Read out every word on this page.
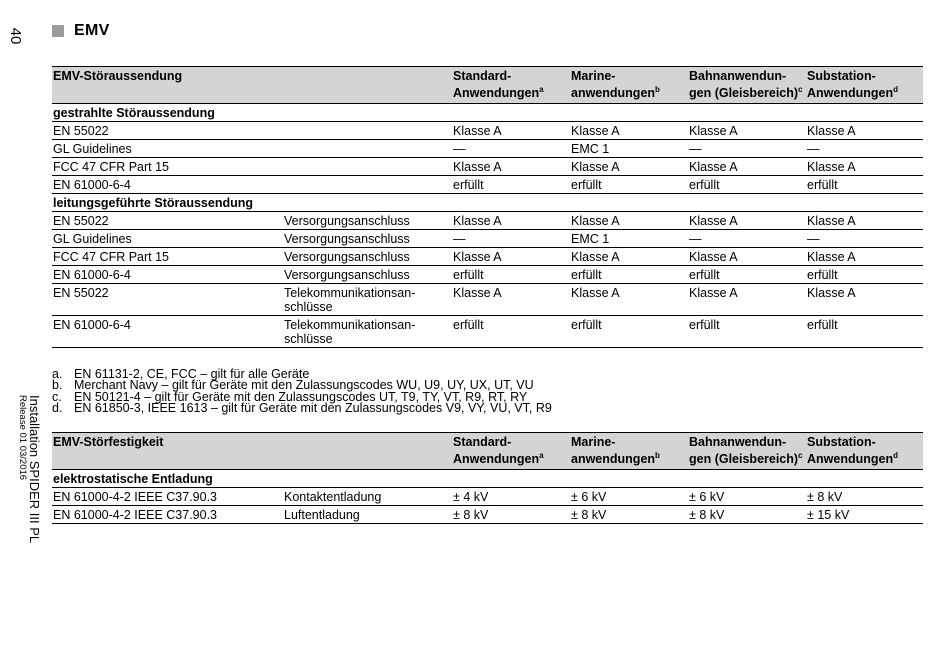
40
Installation SPIDER III PL
Release 01 03/2016
EMV
EMV-Störaussendung		Standard-Anwendungen$^a$	Marine-anwendungen$^b$	Bahnanwendun-gen (Gleisbereich)$^c$	Substation-Anwendungen$^d$
gestrahlte Störaussendung					
EN 55022		Klasse A	Klasse A	Klasse A	Klasse A
GL Guidelines		—	EMC 1	—	—
FCC 47 CFR Part 15		Klasse A	Klasse A	Klasse A	Klasse A
EN 61000-6-4		erfüllt	erfüllt	erfüllt	erfüllt
leitungsgeführte Störaussendung					
EN 55022	Versorgungsanschluss	Klasse A	Klasse A	Klasse A	Klasse A
GL Guidelines	Versorgungsanschluss	—	EMC 1	—	—
FCC 47 CFR Part 15	Versorgungsanschluss	Klasse A	Klasse A	Klasse A	Klasse A
EN 61000-6-4	Versorgungsanschluss	erfüllt	erfüllt	erfüllt	erfüllt
EN 55022	Telekommunikationsan-schlüsse	Klasse A	Klasse A	Klasse A	Klasse A
EN 61000-6-4	Telekommunikationsan-schlüsse	erfüllt	erfüllt	erfüllt	erfüllt
a. EN 61131-2, CE, FCC – gilt für alle Geräte
b. Merchant Navy – gilt für Geräte mit den Zulassungscodes WU, U9, UY, UX, UT, VU
c. EN 50121-4 – gilt für Geräte mit den Zulassungscodes UT, T9, TY, VT, R9, RT, RY
d. EN 61850-3, IEEE 1613 – gilt für Geräte mit den Zulassungscodes V9, VY, VU, VT, R9
EMV-Störfestigkeit		Standard-Anwendungen$^a$	Marine-anwendungen$^b$	Bahnanwendun-gen (Gleisbereich)$^c$	Substation-Anwendungen$^d$
elektrostatische Entladung					
EN 61000-4-2 IEEE C37.90.3	Kontaktentladung	± 4 kV	± 6 kV	± 6 kV	± 8 kV
EN 61000-4-2 IEEE C37.90.3	Luftentladung	± 8 kV	± 8 kV	± 8 kV	± 15 kV
